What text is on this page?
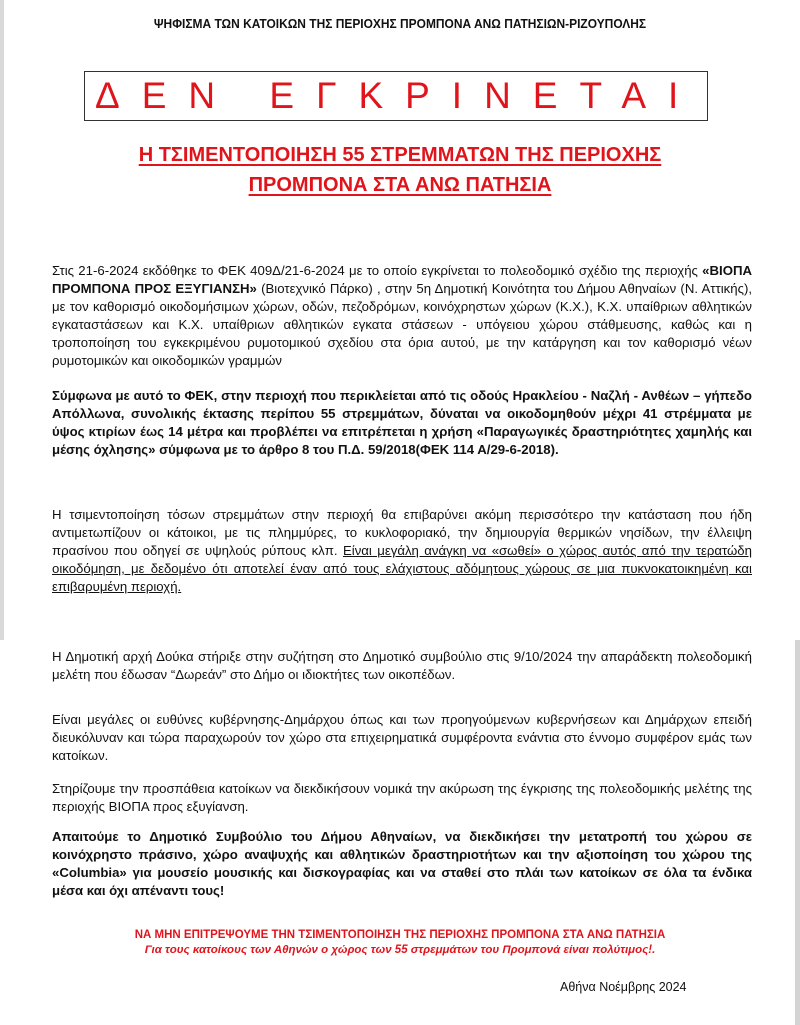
ΨΗΦΙΣΜΑ ΤΩΝ ΚΑΤΟΙΚΩΝ ΤΗΣ ΠΕΡΙΟΧΗΣ ΠΡΟΜΠΟΝΑ ΑΝΩ ΠΑΤΗΣΙΩΝ-ΡΙΖΟΥΠΟΛΗΣ
ΔΕΝ ΕΓΚΡΙΝΕΤΑΙ
Η ΤΣΙΜΕΝΤΟΠΟΙΗΣΗ 55 ΣΤΡΕΜΜΑΤΩΝ ΤΗΣ ΠΕΡΙΟΧΗΣ
ΠΡΟΜΠΟΝΑ ΣΤΑ ΑΝΩ ΠΑΤΗΣΙΑ
Στις 21-6-2024 εκδόθηκε το ΦΕΚ 409Δ/21-6-2024 με το οποίο εγκρίνεται το πολεοδομικό σχέδιο της περιοχής «ΒΙΟΠΑ ΠΡΟΜΠΟΝΑ ΠΡΟΣ ΕΞΥΓΙΑΝΣΗ» (Βιοτεχνικό Πάρκο) , στην 5η Δημοτική Κοινότητα του Δήμου Αθηναίων (Ν. Αττικής), με τον καθορισμό οικοδομήσιμων χώρων, οδών, πεζοδρόμων, κοινόχρηστων χώρων (Κ.Χ.), Κ.Χ. υπαίθριων αθλητικών εγκαταστάσεων και Κ.Χ. υπαίθριων αθλητικών εγκατα στάσεων - υπόγειου χώρου στάθμευσης, καθώς και η τροποποίηση του εγκεκριμένου ρυμοτομικού σχεδίου στα όρια αυτού, με την κατάργηση και τον καθορισμό νέων ρυμοτομικών και οικοδομικών γραμμών
Σύμφωνα με αυτό το ΦΕΚ, στην περιοχή που περικλείεται από τις οδούς Ηρακλείου - Ναζλή - Ανθέων – γήπεδο Απόλλωνα, συνολικής έκτασης περίπου 55 στρεμμάτων, δύναται να οικοδομηθούν μέχρι 41 στρέμματα με ύψος κτιρίων έως 14 μέτρα και προβλέπει να επιτρέπεται η χρήση «Παραγωγικές δραστηριότητες χαμηλής και μέσης όχλησης» σύμφωνα με το άρθρο 8 του Π.Δ. 59/2018(ΦΕΚ 114 Α/29-6-2018).
Η τσιμεντοποίηση τόσων στρεμμάτων στην περιοχή θα επιβαρύνει ακόμη περισσότερο την κατάσταση που ήδη αντιμετωπίζουν οι κάτοικοι, με τις πλημμύρες, το κυκλοφοριακό, την δημιουργία θερμικών νησίδων, την έλλειψη πρασίνου που οδηγεί σε υψηλούς ρύπους κλπ. Είναι μεγάλη ανάγκη να «σωθεί» ο χώρος αυτός από την τερατώδη οικοδόμηση, με δεδομένο ότι αποτελεί έναν από τους ελάχιστους αδόμητους χώρους σε μια πυκνοκατοικημένη και επιβαρυμένη περιοχή.
Η Δημοτική αρχή Δούκα στήριξε στην συζήτηση στο Δημοτικό συμβούλιο στις 9/10/2024 την απαράδεκτη πολεοδομική μελέτη που έδωσαν “Δωρεάν” στο Δήμο οι ιδιοκτήτες των οικοπέδων.
Είναι μεγάλες οι ευθύνες κυβέρνησης-Δημάρχου όπως και των προηγούμενων κυβερνήσεων και Δημάρχων επειδή διευκόλυναν και τώρα παραχωρούν τον χώρο στα επιχειρηματικά συμφέροντα ενάντια στο έννομο συμφέρον εμάς των κατοίκων.
Στηρίζουμε την προσπάθεια κατοίκων να διεκδικήσουν νομικά την ακύρωση της έγκρισης της πολεοδομικής μελέτης της περιοχής ΒΙΟΠΑ προς εξυγίανση.
Απαιτούμε το Δημοτικό Συμβούλιο του Δήμου Αθηναίων, να διεκδικήσει την μετατροπή του χώρου σε κοινόχρηστο πράσινο, χώρο αναψυχής και αθλητικών δραστηριοτήτων και την αξιοποίηση του χώρου της «Columbia» για μουσείο μουσικής και δισκογραφίας και να σταθεί στο πλάι των κατοίκων σε όλα τα ένδικα μέσα και όχι απέναντι τους!
ΝΑ ΜΗΝ ΕΠΙΤΡΕΨΟΥΜΕ ΤΗΝ ΤΣΙΜΕΝΤΟΠΟΙΗΣΗ ΤΗΣ ΠΕΡΙΟΧΗΣ ΠΡΟΜΠΟΝΑ ΣΤΑ ΑΝΩ ΠΑΤΗΣΙΑ
Για τους κατοίκους των Αθηνών ο χώρος των 55 στρεμμάτων του Προμπονά είναι πολύτιμος!.
Αθήνα Νοέμβρης 2024
